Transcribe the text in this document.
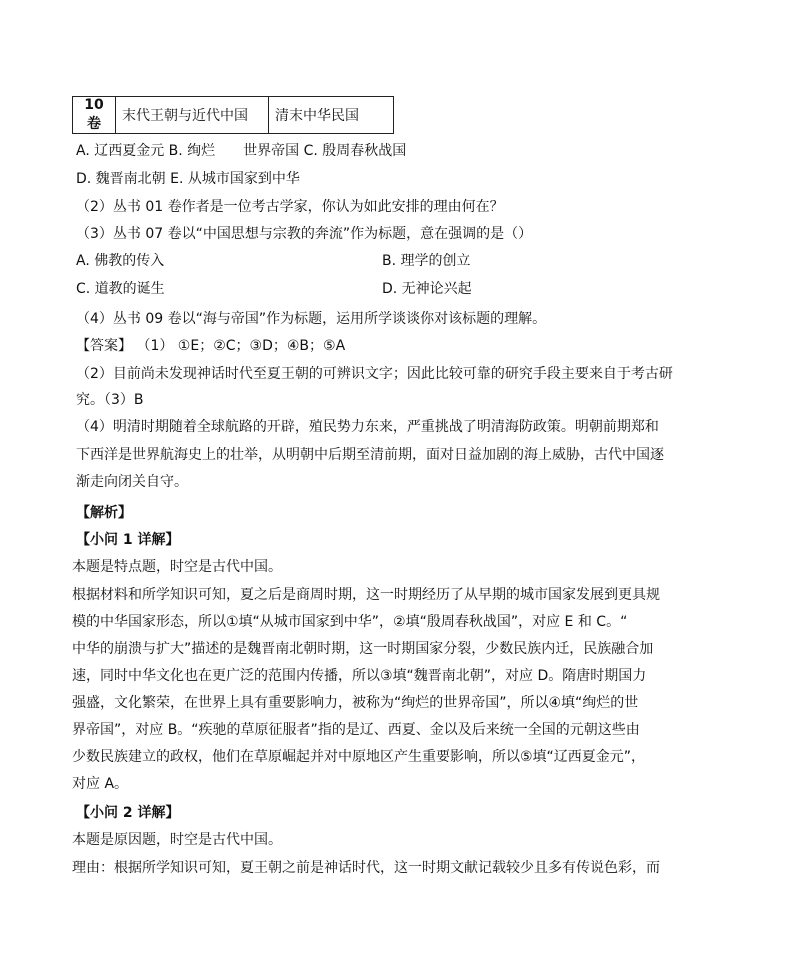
10卷	末代王朝与近代中国	清末中华民国
A. 辽西夏金元 B. 绚烂　　世界帝国 C. 殷周春秋战国
D. 魏晋南北朝 E. 从城市国家到中华
（2）丛书 01 卷作者是一位考古学家，你认为如此安排的理由何在？
（3）丛书 07 卷以“中国思想与宗教的奔流”作为标题，意在强调的是（）
A. 佛教的传入	B. 理学的创立
C. 道教的诞生	D. 无神论兴起
（4）丛书 09 卷以“海与帝国”作为标题，运用所学谈谈你对该标题的理解。
【答案】 （1） ①E；②C；③D；④B；⑤A
（2）目前尚未发现神话时代至夏王朝的可辨识文字；因此比较可靠的研究手段主要来自于考古研
究。（3）B
（4）明清时期随着全球航路的开辟，殖民势力东来，严重挑战了明清海防政策。明朝前期郑和
下西洋是世界航海史上的壮举，从明朝中后期至清前期，面对日益加剧的海上威胁，古代中国逐
渐走向闭关自守。
【解析】
【小问 1 详解】
本题是特点题，时空是古代中国。
根据材料和所学知识可知，夏之后是商周时期，这一时期经历了从早期的城市国家发展到更具规
模的中华国家形态，所以①填“从城市国家到中华”，②填“殷周春秋战国”，对应 E 和 C。“
中华的崩溃与扩大”描述的是魏晋南北朝时期，这一时期国家分裂，少数民族内迁，民族融合加
速，同时中华文化也在更广泛的范围内传播，所以③填“魏晋南北朝”，对应 D。隋唐时期国力
强盛，文化繁荣，在世界上具有重要影响力，被称为“绚烂的世界帝国”，所以④填“绚烂的世
界帝国”，对应 B。“疾驰的草原征服者”指的是辽、西夏、金以及后来统一全国的元朝这些由
少数民族建立的政权，他们在草原崛起并对中原地区产生重要影响，所以⑤填“辽西夏金元”，
对应 A。
【小问 2 详解】
本题是原因题，时空是古代中国。
理由：根据所学知识可知，夏王朝之前是神话时代，这一时期文献记载较少且多有传说色彩，而
